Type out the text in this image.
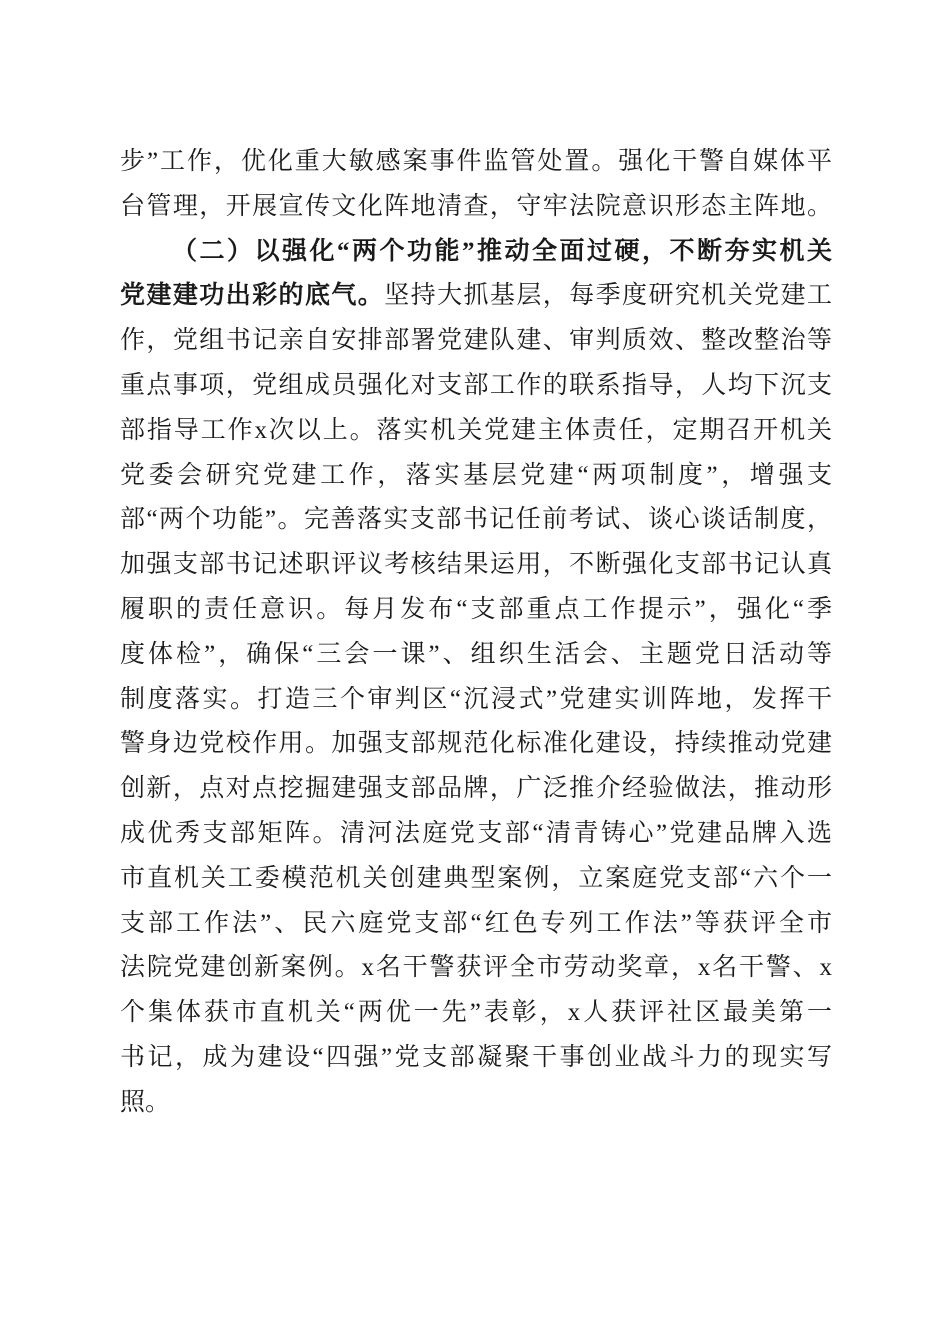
步”工作，优化重大敏感案事件监管处置。强化干警自媒体平
台管理，开展宣传文化阵地清查，守牢法院意识形态主阵地。
（二）以强化“两个功能”推动全面过硬，不断夯实机关
党建建功出彩的底气。坚持大抓基层，每季度研究机关党建工
作，党组书记亲自安排部署党建队建、审判质效、整改整治等
重点事项，党组成员强化对支部工作的联系指导，人均下沉支
部指导工作x次以上。落实机关党建主体责任，定期召开机关
党委会研究党建工作，落实基层党建“两项制度”，增强支
部“两个功能”。完善落实支部书记任前考试、谈心谈话制度，
加强支部书记述职评议考核结果运用，不断强化支部书记认真
履职的责任意识。每月发布“支部重点工作提示”，强化“季
度体检”，确保“三会一课”、组织生活会、主题党日活动等
制度落实。打造三个审判区“沉浸式”党建实训阵地，发挥干
警身边党校作用。加强支部规范化标准化建设，持续推动党建
创新，点对点挖掘建强支部品牌，广泛推介经验做法，推动形
成优秀支部矩阵。清河法庭党支部“清青铸心”党建品牌入选
市直机关工委模范机关创建典型案例，立案庭党支部“六个一
支部工作法”、民六庭党支部“红色专列工作法”等获评全市
法院党建创新案例。x名干警获评全市劳动奖章，x名干警、x
个集体获市直机关“两优一先”表彰，x人获评社区最美第一
书记，成为建设“四强”党支部凝聚干事创业战斗力的现实写
照。
